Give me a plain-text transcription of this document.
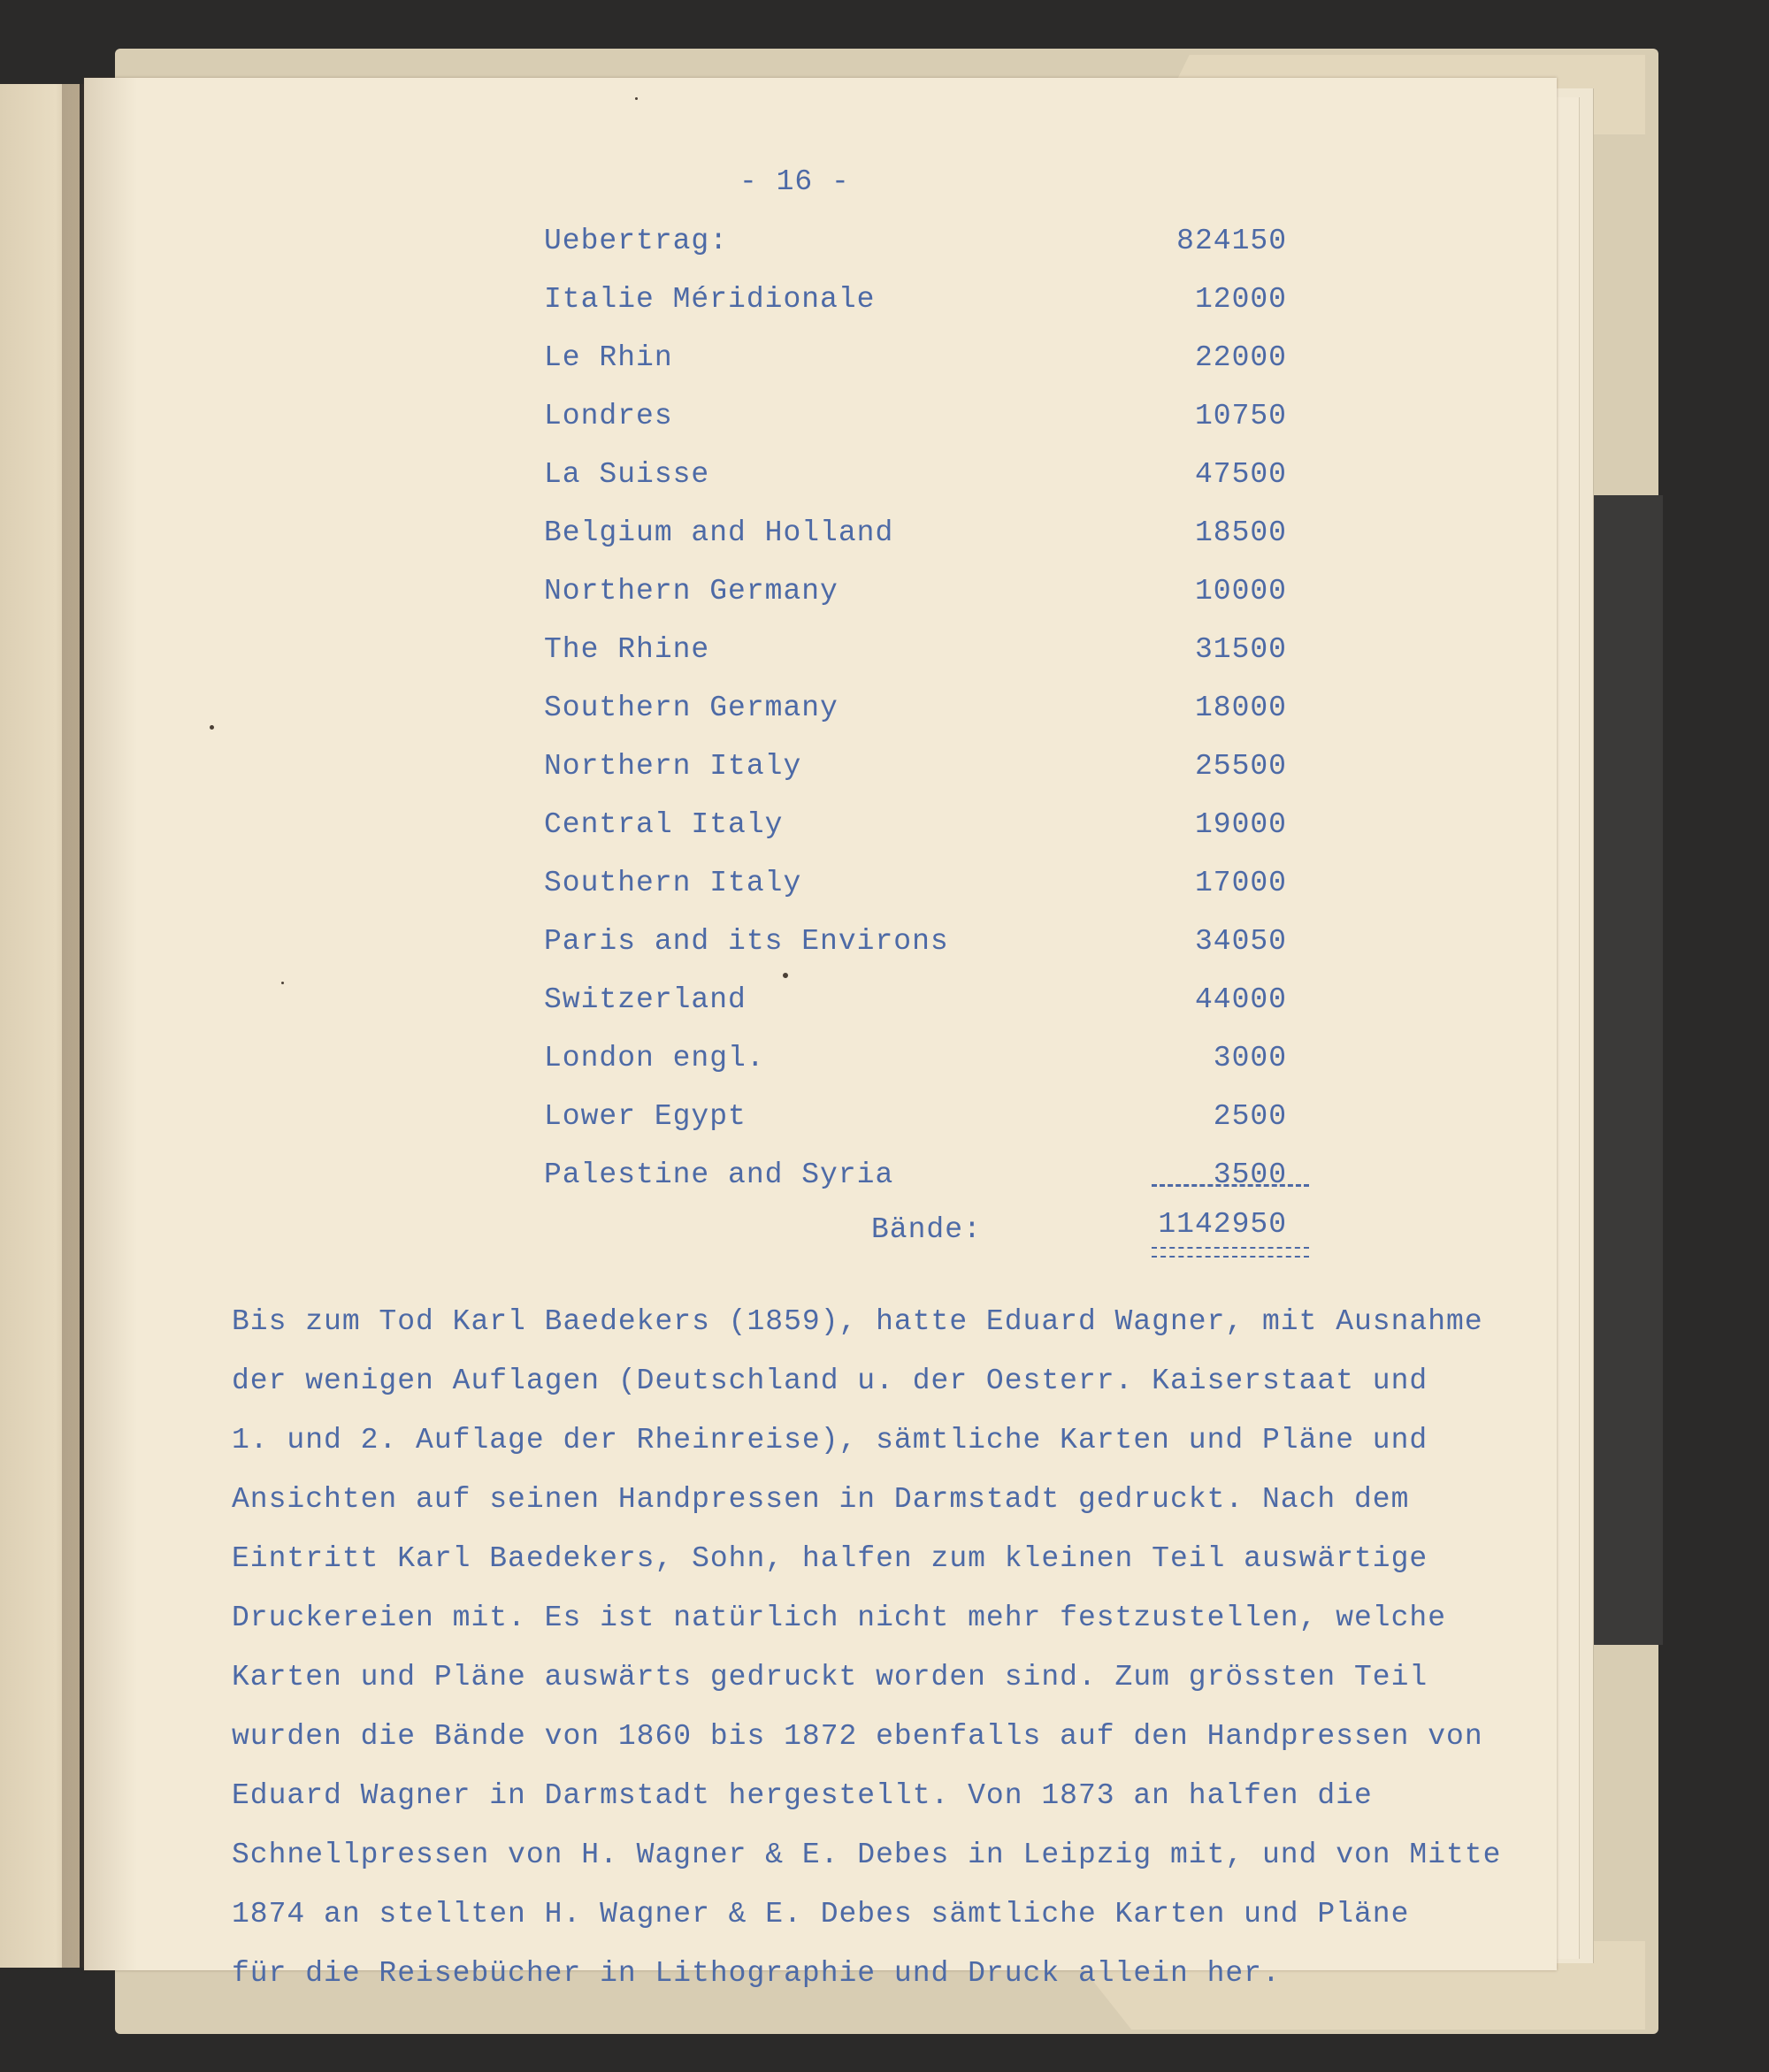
- 16 -
Uebertrag:	824150
Italie Méridionale	12000
Le Rhin	22000
Londres	10750
La Suisse	47500
Belgium and Holland	18500
Northern Germany	10000
The Rhine	31500
Southern Germany	18000
Northern Italy	25500
Central Italy	19000
Southern Italy	17000
Paris and its Environs	34050
Switzerland	44000
London engl.	3000
Lower Egypt	2500
Palestine and Syria	3500
Bände:	1142950
Bis zum Tod Karl Baedekers (1859), hatte Eduard Wagner, mit Ausnahme
der wenigen Auflagen (Deutschland u. der Oesterr. Kaiserstaat und
1. und 2. Auflage der Rheinreise), sämtliche Karten und Pläne und
Ansichten auf seinen Handpressen in Darmstadt gedruckt. Nach dem
Eintritt Karl Baedekers, Sohn, halfen zum kleinen Teil auswärtige
Druckereien mit. Es ist natürlich nicht mehr festzustellen, welche
Karten und Pläne auswärts gedruckt worden sind. Zum grössten Teil
wurden die Bände von 1860 bis 1872 ebenfalls auf den Handpressen von
Eduard Wagner in Darmstadt hergestellt. Von 1873 an halfen die
Schnellpressen von H. Wagner & E. Debes in Leipzig mit, und von Mitte
1874 an stellten H. Wagner & E. Debes sämtliche Karten und Pläne
für die Reisebücher in Lithographie und Druck allein her.
